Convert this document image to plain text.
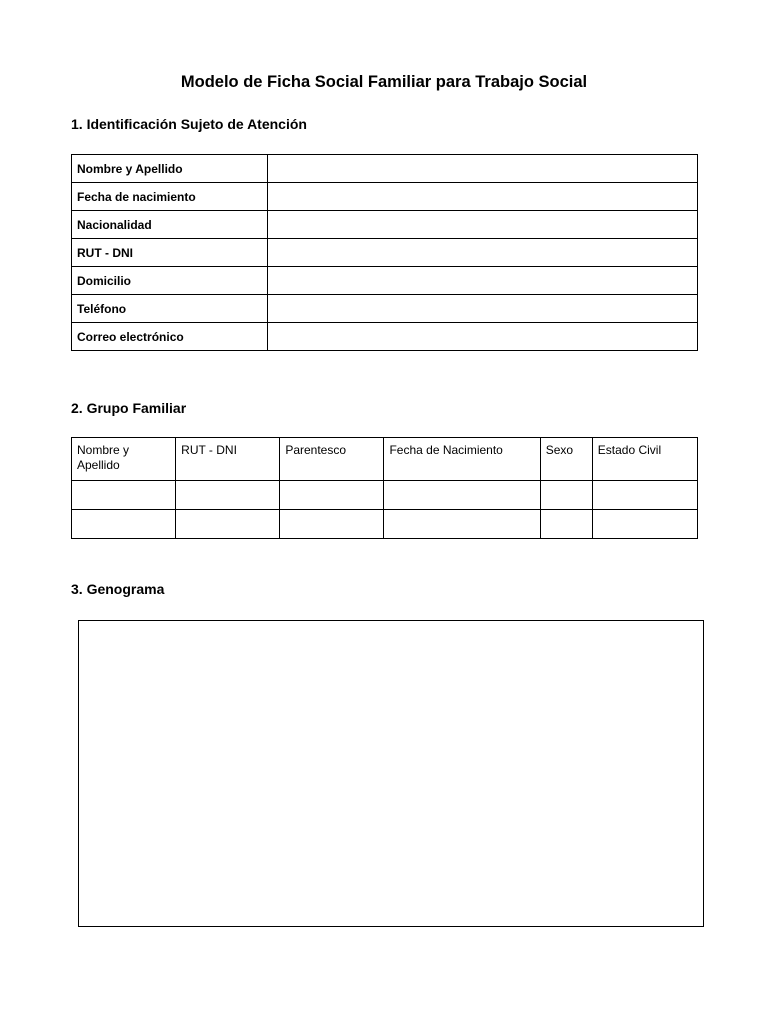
Modelo de Ficha Social Familiar para Trabajo Social
1. Identificación Sujeto de Atención
Nombre y Apellido	
Fecha de nacimiento	
Nacionalidad	
RUT - DNI	
Domicilio	
Teléfono	
Correo electrónico	
2. Grupo Familiar
Nombre y Apellido	RUT - DNI	Parentesco	Fecha de Nacimiento	Sexo	Estado Civil

3. Genograma
